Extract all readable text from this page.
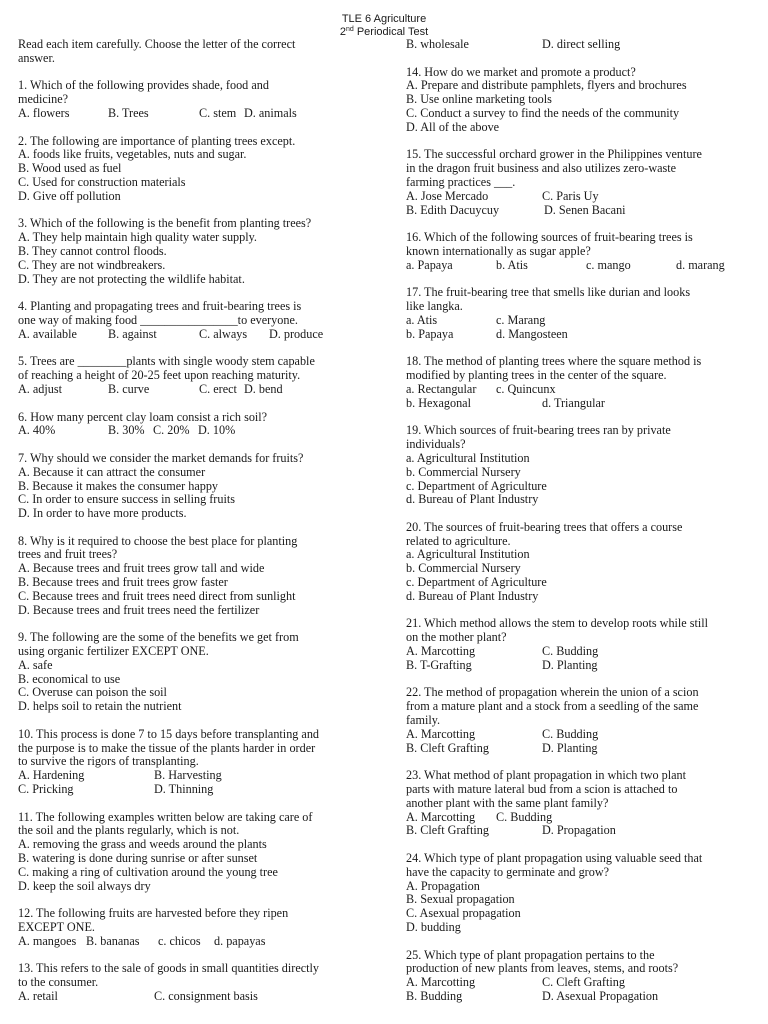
TLE 6 Agriculture
2nd Periodical Test

Read each item carefully. Choose the letter of the correct

answer.

1. Which of the following provides shade, food and

medicine?

A. flowers	B. Trees	C. stem D. animals

2. The following are importance of planting trees except.

A. foods like fruits, vegetables, nuts and sugar.

B. Wood used as fuel

C. Used for construction materials

D. Give off pollution

3. Which of the following is the benefit from planting trees?

A. They help maintain high quality water supply.

B. They cannot control floods.

C. They are not windbreakers.

D. They are not protecting the wildlife habitat.

4. Planting and propagating trees and fruit-bearing trees is

one way of making food ________________to everyone.

A. available	B. against	C. always	D. produce

5. Trees are ________plants with single woody stem capable

of reaching a height of 20-25 feet upon reaching maturity.

A. adjust	B. curve	C. erect D. bend

6. How many percent clay loam consist a rich soil?

A. 40%	B. 30% C. 20% D. 10%

7. Why should we consider the market demands for fruits?

A. Because it can attract the consumer

B. Because it makes the consumer happy

C. In order to ensure success in selling fruits

D. In order to have more products.

8. Why is it required to choose the best place for planting

trees and fruit trees?

A. Because trees and fruit trees grow tall and wide

B. Because trees and fruit trees grow faster

C. Because trees and fruit trees need direct from sunlight

D. Because trees and fruit trees need the fertilizer

9. The following are the some of the benefits we get from

using organic fertilizer EXCEPT ONE.

A. safe

B. economical to use

C. Overuse can poison the soil

D. helps soil to retain the nutrient

10. This process is done 7 to 15 days before transplanting and

the purpose is to make the tissue of the plants harder in order

to survive the rigors of transplanting.

A. Hardening	B. Harvesting
C. Pricking	D. Thinning

11. The following examples written below are taking care of

the soil and the plants regularly, which is not.

A. removing the grass and weeds around the plants

B. watering is done during sunrise or after sunset

C. making a ring of cultivation around the young tree

D. keep the soil always dry

12. The following fruits are harvested before they ripen

EXCEPT ONE.

A. mangoes B. bananas	c. chicos	d. papayas

13. This refers to the sale of goods in small quantities directly

to the consumer.

A. retail	C. consignment basis
B. wholesale	D. direct selling

14. How do we market and promote a product?

A. Prepare and distribute pamphlets, flyers and brochures

B. Use online marketing tools

C. Conduct a survey to find the needs of the community

D. All of the above

15. The successful orchard grower in the Philippines venture

in the dragon fruit business and also utilizes zero-waste

farming practices ___.

A. Jose Mercado	C. Paris Uy
B. Edith Dacuycuy	D. Senen Bacani

16. Which of the following sources of fruit-bearing trees is

known internationally as sugar apple?

a. Papaya	b. Atis	c. mango	d. marang

17. The fruit-bearing tree that smells like durian and looks

like langka.

a. Atis	c. Marang
b. Papaya	d. Mangosteen

18. The method of planting trees where the square method is

modified by planting trees in the center of the square.

a. Rectangular	c. Quincunx
b. Hexagonal	d. Triangular

19. Which sources of fruit-bearing trees ran by private

individuals?

a. Agricultural Institution

b. Commercial Nursery

c. Department of Agriculture

d. Bureau of Plant Industry

20. The sources of fruit-bearing trees that offers a course

related to agriculture.

a. Agricultural Institution

b. Commercial Nursery

c. Department of Agriculture

d. Bureau of Plant Industry

21. Which method allows the stem to develop roots while still

on the mother plant?

A. Marcotting	C. Budding
B. T-Grafting	D. Planting

22. The method of propagation wherein the union of a scion

from a mature plant and a stock from a seedling of the same

family.

A. Marcotting	C. Budding
B. Cleft Grafting	D. Planting

23. What method of plant propagation in which two plant

parts with mature lateral bud from a scion is attached to

another plant with the same plant family?

A. Marcotting	C. Budding
B. Cleft Grafting	D. Propagation

24. Which type of plant propagation using valuable seed that

have the capacity to germinate and grow?

A. Propagation

B. Sexual propagation

C. Asexual propagation

D. budding

25. Which type of plant propagation pertains to the

production of new plants from leaves, stems, and roots?

A. Marcotting	C. Cleft Grafting
B. Budding	D. Asexual Propagation
